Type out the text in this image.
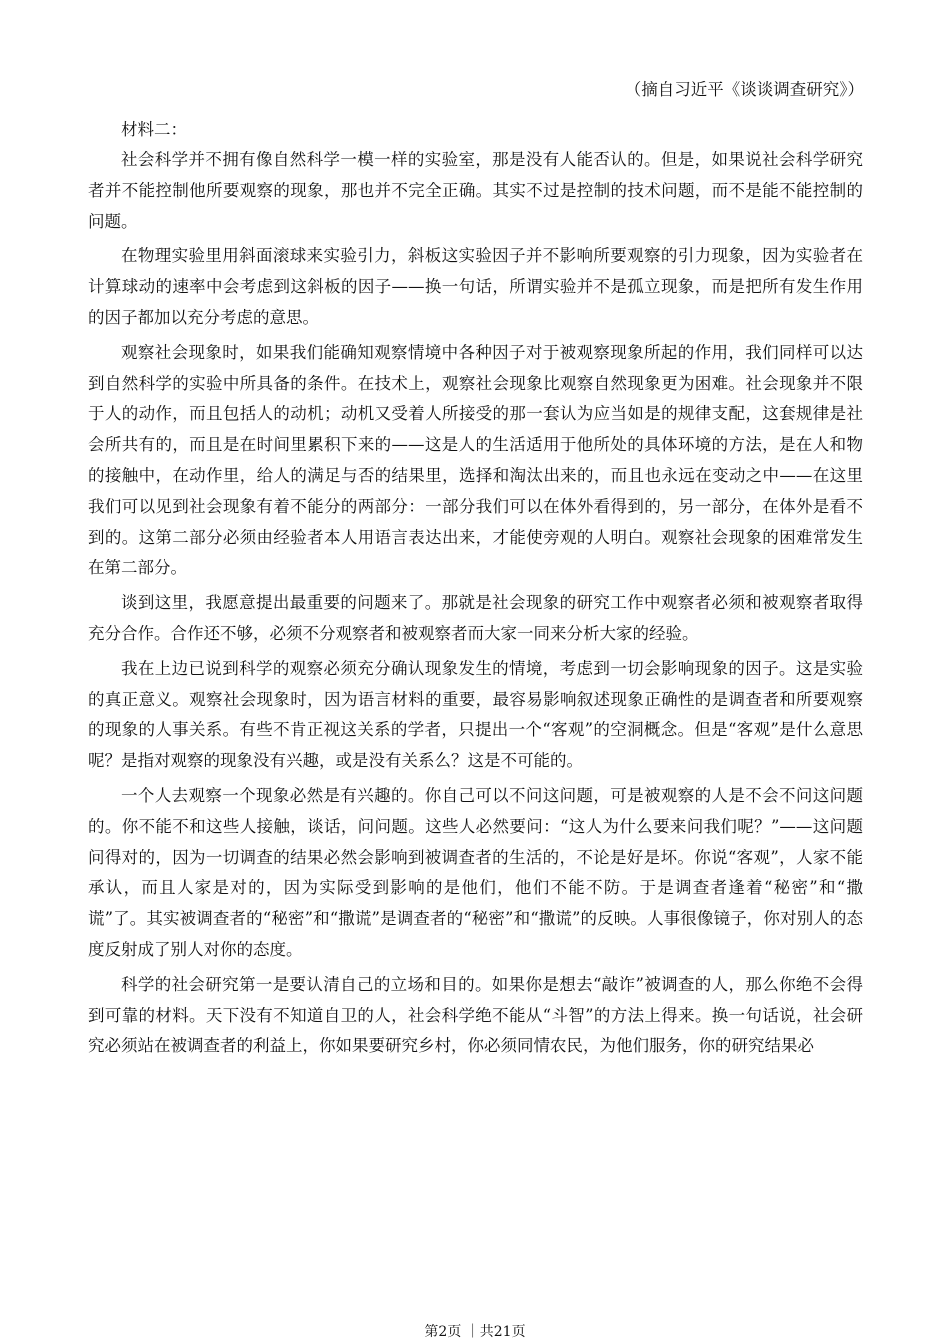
（摘自习近平《谈谈调查研究》）

材料二：

社会科学并不拥有像自然科学一模一样的实验室，那是没有人能否认的。但是，如果说社会科学研究者并不能控制他所要观察的现象，那也并不完全正确。其实不过是控制的技术问题，而不是能不能控制的问题。

在物理实验里用斜面滚球来实验引力，斜板这实验因子并不影响所要观察的引力现象，因为实验者在计算球动的速率中会考虑到这斜板的因子——换一句话，所谓实验并不是孤立现象，而是把所有发生作用的因子都加以充分考虑的意思。

观察社会现象时，如果我们能确知观察情境中各种因子对于被观察现象所起的作用，我们同样可以达到自然科学的实验中所具备的条件。在技术上，观察社会现象比观察自然现象更为困难。社会现象并不限于人的动作，而且包括人的动机；动机又受着人所接受的那一套认为应当如是的规律支配，这套规律是社会所共有的，而且是在时间里累积下来的——这是人的生活适用于他所处的具体环境的方法，是在人和物的接触中，在动作里，给人的满足与否的结果里，选择和淘汰出来的，而且也永远在变动之中——在这里我们可以见到社会现象有着不能分的两部分：一部分我们可以在体外看得到的，另一部分，在体外是看不到的。这第二部分必须由经验者本人用语言表达出来，才能使旁观的人明白。观察社会现象的困难常发生在第二部分。

谈到这里，我愿意提出最重要的问题来了。那就是社会现象的研究工作中观察者必须和被观察者取得充分合作。合作还不够，必须不分观察者和被观察者而大家一同来分析大家的经验。

我在上边已说到科学的观察必须充分确认现象发生的情境，考虑到一切会影响现象的因子。这是实验的真正意义。观察社会现象时，因为语言材料的重要，最容易影响叙述现象正确性的是调查者和所要观察的现象的人事关系。有些不肯正视这关系的学者，只提出一个“客观”的空洞概念。但是“客观”是什么意思呢？是指对观察的现象没有兴趣，或是没有关系么？这是不可能的。

一个人去观察一个现象必然是有兴趣的。你自己可以不问这问题，可是被观察的人是不会不问这问题的。你不能不和这些人接触，谈话，问问题。这些人必然要问：“这人为什么要来问我们呢？”——这问题问得对的，因为一切调查的结果必然会影响到被调查者的生活的，不论是好是坏。你说“客观”，人家不能承认，而且人家是对的，因为实际受到影响的是他们，他们不能不防。于是调查者逢着“秘密”和“撒谎”了。其实被调查者的“秘密”和“撒谎”是调查者的“秘密”和“撒谎”的反映。人事很像镜子，你对别人的态度反射成了别人对你的态度。

科学的社会研究第一是要认清自己的立场和目的。如果你是想去“敲诈”被调查的人，那么你绝不会得到可靠的材料。天下没有不知道自卫的人，社会科学绝不能从“斗智”的方法上得来。换一句话说，社会研究必须站在被调查者的利益上，你如果要研究乡村，你必须同情农民，为他们服务，你的研究结果必

第2页 ｜共21页
